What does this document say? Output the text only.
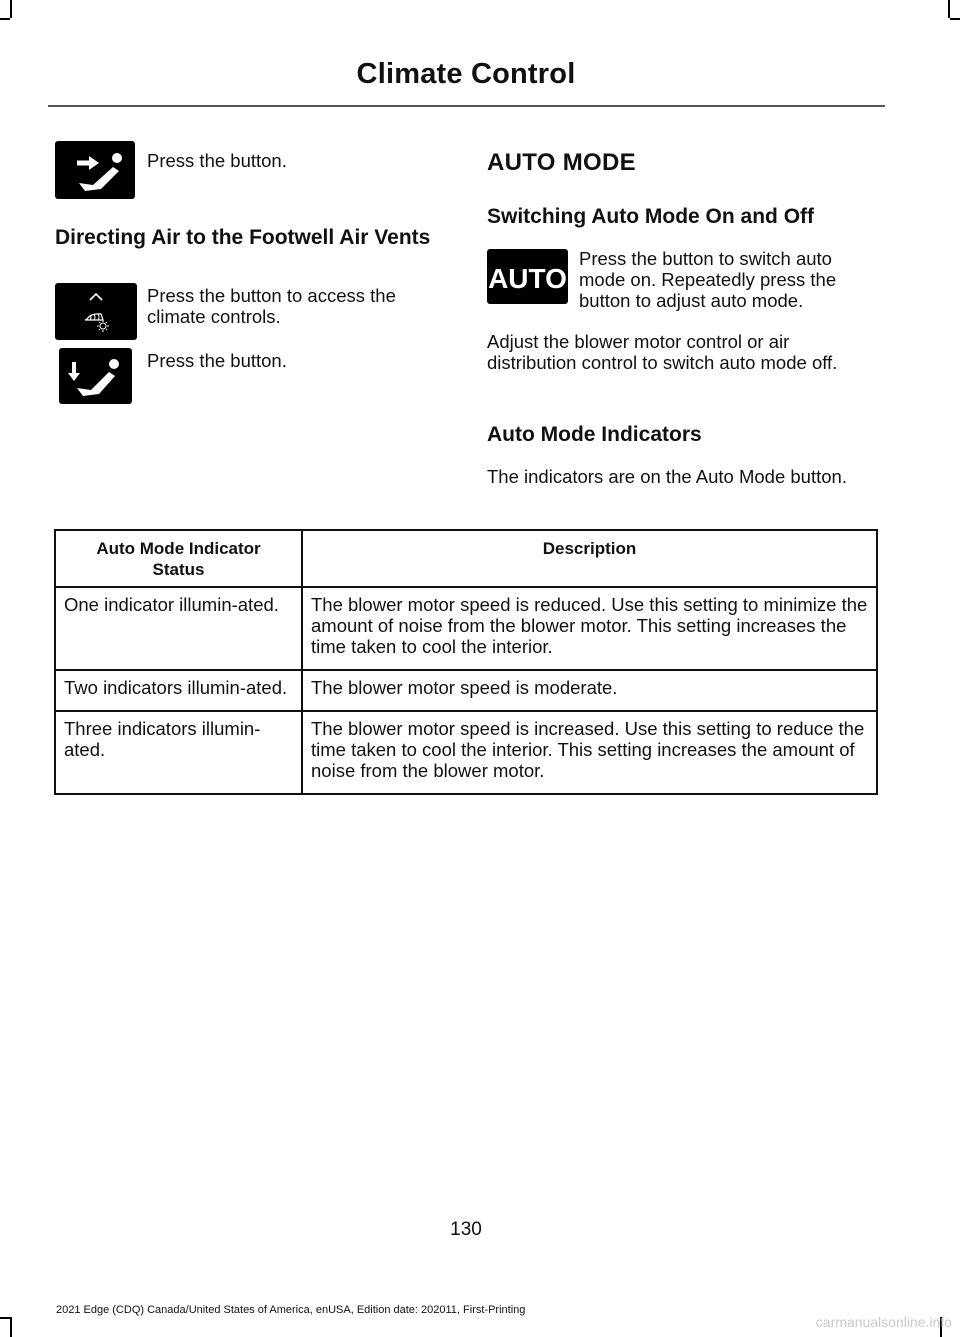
Climate Control
Press the button.
Directing Air to the Footwell Air Vents
Press the button to access the climate controls.
Press the button.
AUTO MODE
Switching Auto Mode On and Off
AUTO
Press the button to switch auto mode on. Repeatedly press the button to adjust auto mode.
Adjust the blower motor control or air distribution control to switch auto mode off.
Auto Mode Indicators
The indicators are on the Auto Mode button.
Auto Mode Indicator Status	Description
One indicator illumin-ated.	The blower motor speed is reduced. Use this setting to minimize the amount of noise from the blower motor. This setting increases the time taken to cool the interior.
Two indicators illumin-ated.	The blower motor speed is moderate.
Three indicators illumin-ated.	The blower motor speed is increased. Use this setting to reduce the time taken to cool the interior. This setting increases the amount of noise from the blower motor.
130
2021 Edge (CDQ) Canada/United States of America, enUSA, Edition date: 202011, First-Printing
carmanualsonline.info
